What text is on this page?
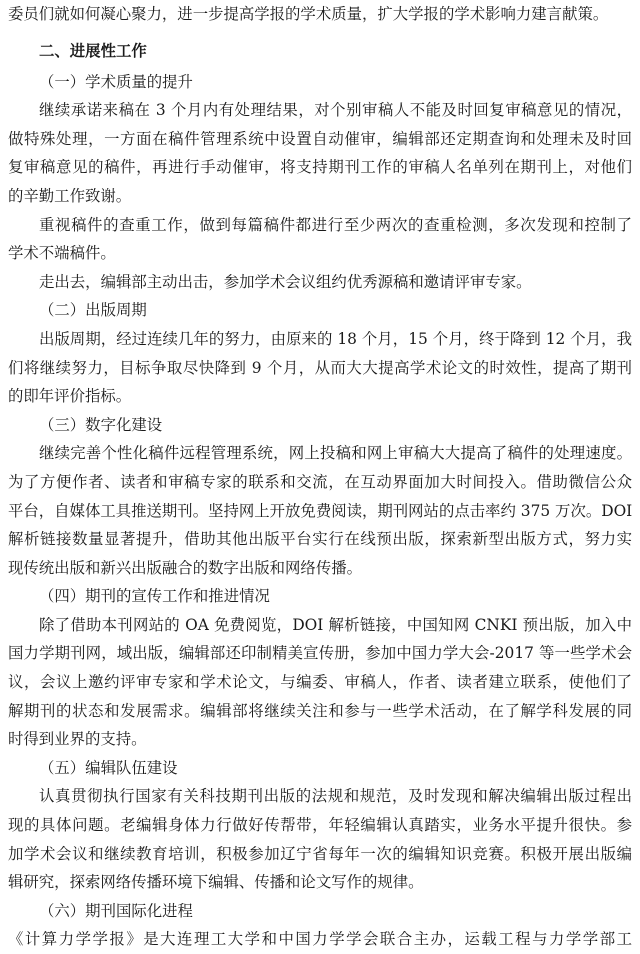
委员们就如何凝心聚力，进一步提高学报的学术质量，扩大学报的学术影响力建言献策。
二、进展性工作
（一）学术质量的提升
继续承诺来稿在 3 个月内有处理结果，对个别审稿人不能及时回复审稿意见的情况，
做特殊处理，一方面在稿件管理系统中设置自动催审，编辑部还定期查询和处理未及时回
复审稿意见的稿件，再进行手动催审，将支持期刊工作的审稿人名单列在期刊上，对他们
的辛勤工作致谢。
重视稿件的查重工作，做到每篇稿件都进行至少两次的查重检测，多次发现和控制了
学术不端稿件。
走出去，编辑部主动出击，参加学术会议组约优秀源稿和邀请评审专家。
（二）出版周期
出版周期，经过连续几年的努力，由原来的 18 个月，15 个月，终于降到 12 个月，我
们将继续努力，目标争取尽快降到 9 个月，从而大大提高学术论文的时效性，提高了期刊
的即年评价指标。
（三）数字化建设
继续完善个性化稿件远程管理系统，网上投稿和网上审稿大大提高了稿件的处理速度。
为了方便作者、读者和审稿专家的联系和交流，在互动界面加大时间投入。借助微信公众
平台，自媒体工具推送期刊。坚持网上开放免费阅读，期刊网站的点击率约 375 万次。DOI
解析链接数量显著提升，借助其他出版平台实行在线预出版，探索新型出版方式，努力实
现传统出版和新兴出版融合的数字出版和网络传播。
（四）期刊的宣传工作和推进情况
除了借助本刊网站的 OA 免费阅览，DOI 解析链接，中国知网 CNKI 预出版，加入中
国力学期刊网，域出版，编辑部还印制精美宣传册，参加中国力学大会-2017 等一些学术会
议，会议上邀约评审专家和学术论文，与编委、审稿人，作者、读者建立联系，使他们了
解期刊的状态和发展需求。编辑部将继续关注和参与一些学术活动，在了解学科发展的同
时得到业界的支持。
（五）编辑队伍建设
认真贯彻执行国家有关科技期刊出版的法规和规范，及时发现和解决编辑出版过程出
现的具体问题。老编辑身体力行做好传帮带，年轻编辑认真踏实，业务水平提升很快。参
加学术会议和继续教育培训，积极参加辽宁省每年一次的编辑知识竞赛。积极开展出版编
辑研究，探索网络传播环境下编辑、传播和论文写作的规律。
（六）期刊国际化进程
《计算力学学报》是大连理工大学和中国力学学会联合主办，运载工程与力学学部工
